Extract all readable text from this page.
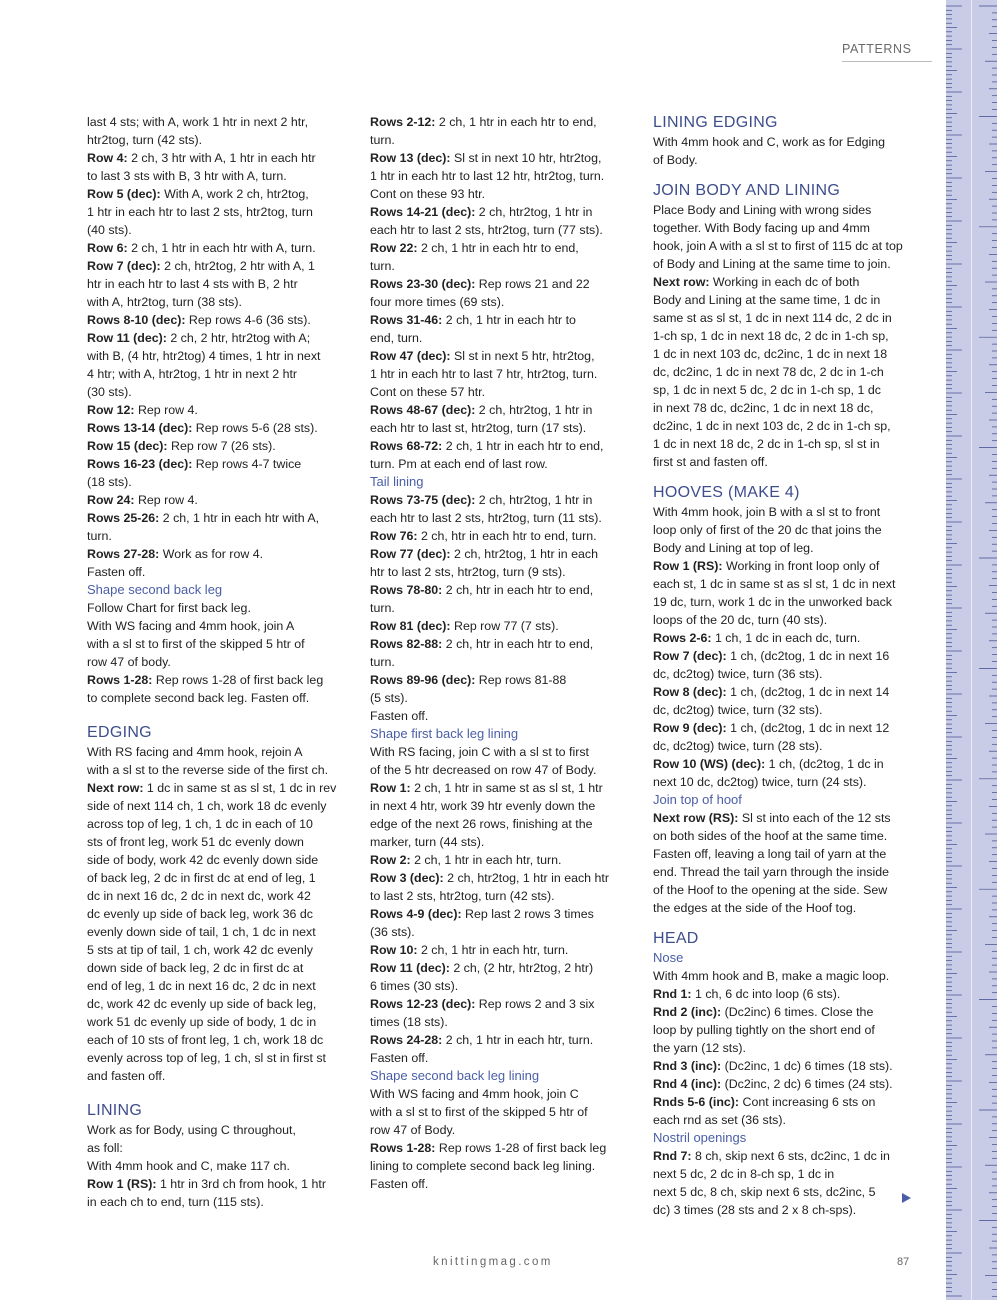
PATTERNS

last 4 sts; with A, work 1 htr in next 2 htr,

htr2tog, turn (42 sts).

Row 4: 2 ch, 3 htr with A, 1 htr in each htr

to last 3 sts with B, 3 htr with A, turn.

Row 5 (dec): With A, work 2 ch, htr2tog,

1 htr in each htr to last 2 sts, htr2tog, turn

(40 sts).

Row 6: 2 ch, 1 htr in each htr with A, turn.

Row 7 (dec): 2 ch, htr2tog, 2 htr with A, 1

htr in each htr to last 4 sts with B, 2 htr

with A, htr2tog, turn (38 sts).

Rows 8-10 (dec): Rep rows 4-6 (36 sts).

Row 11 (dec): 2 ch, 2 htr, htr2tog with A;

with B, (4 htr, htr2tog) 4 times, 1 htr in next

4 htr; with A, htr2tog, 1 htr in next 2 htr

(30 sts).

Row 12: Rep row 4.

Rows 13-14 (dec): Rep rows 5-6 (28 sts).

Row 15 (dec): Rep row 7 (26 sts).

Rows 16-23 (dec): Rep rows 4-7 twice

(18 sts).

Row 24: Rep row 4.

Rows 25-26: 2 ch, 1 htr in each htr with A,

turn.

Rows 27-28: Work as for row 4.

Fasten off.

Shape second back leg

Follow Chart for first back leg.

With WS facing and 4mm hook, join A

with a sl st to first of the skipped 5 htr of

row 47 of body.

Rows 1-28: Rep rows 1-28 of first back leg

to complete second back leg. Fasten off.

EDGING

With RS facing and 4mm hook, rejoin A

with a sl st to the reverse side of the first ch.

Next row: 1 dc in same st as sl st, 1 dc in rev

side of next 114 ch, 1 ch, work 18 dc evenly

across top of leg, 1 ch, 1 dc in each of 10

sts of front leg, work 51 dc evenly down

side of body, work 42 dc evenly down side

of back leg, 2 dc in first dc at end of leg, 1

dc in next 16 dc, 2 dc in next dc, work 42

dc evenly up side of back leg, work 36 dc

evenly down side of tail, 1 ch, 1 dc in next

5 sts at tip of tail, 1 ch, work 42 dc evenly

down side of back leg, 2 dc in first dc at

end of leg, 1 dc in next 16 dc, 2 dc in next

dc, work 42 dc evenly up side of back leg,

work 51 dc evenly up side of body, 1 dc in

each of 10 sts of front leg, 1 ch, work 18 dc

evenly across top of leg, 1 ch, sl st in first st

and fasten off.

LINING

Work as for Body, using C throughout,

as foll:

With 4mm hook and C, make 117 ch.

Row 1 (RS): 1 htr in 3rd ch from hook, 1 htr

in each ch to end, turn (115 sts).

Rows 2-12: 2 ch, 1 htr in each htr to end,

turn.

Row 13 (dec): Sl st in next 10 htr, htr2tog,

1 htr in each htr to last 12 htr, htr2tog, turn.

Cont on these 93 htr.

Rows 14-21 (dec): 2 ch, htr2tog, 1 htr in

each htr to last 2 sts, htr2tog, turn (77 sts).

Row 22: 2 ch, 1 htr in each htr to end,

turn.

Rows 23-30 (dec): Rep rows 21 and 22

four more times (69 sts).

Rows 31-46: 2 ch, 1 htr in each htr to

end, turn.

Row 47 (dec): Sl st in next 5 htr, htr2tog,

1 htr in each htr to last 7 htr, htr2tog, turn.

Cont on these 57 htr.

Rows 48-67 (dec): 2 ch, htr2tog, 1 htr in

each htr to last st, htr2tog, turn (17 sts).

Rows 68-72: 2 ch, 1 htr in each htr to end,

turn. Pm at each end of last row.

Tail lining

Rows 73-75 (dec): 2 ch, htr2tog, 1 htr in

each htr to last 2 sts, htr2tog, turn (11 sts).

Row 76: 2 ch, htr in each htr to end, turn.

Row 77 (dec): 2 ch, htr2tog, 1 htr in each

htr to last 2 sts, htr2tog, turn (9 sts).

Rows 78-80: 2 ch, htr in each htr to end,

turn.

Row 81 (dec): Rep row 77 (7 sts).

Rows 82-88: 2 ch, htr in each htr to end,

turn.

Rows 89-96 (dec): Rep rows 81-88

(5 sts).

Fasten off.

Shape first back leg lining

With RS facing, join C with a sl st to first

of the 5 htr decreased on row 47 of Body.

Row 1: 2 ch, 1 htr in same st as sl st, 1 htr

in next 4 htr, work 39 htr evenly down the

edge of the next 26 rows, finishing at the

marker, turn (44 sts).

Row 2: 2 ch, 1 htr in each htr, turn.

Row 3 (dec): 2 ch, htr2tog, 1 htr in each htr

to last 2 sts, htr2tog, turn (42 sts).

Rows 4-9 (dec): Rep last 2 rows 3 times

(36 sts).

Row 10: 2 ch, 1 htr in each htr, turn.

Row 11 (dec): 2 ch, (2 htr, htr2tog, 2 htr)

6 times (30 sts).

Rows 12-23 (dec): Rep rows 2 and 3 six

times (18 sts).

Rows 24-28: 2 ch, 1 htr in each htr, turn.

Fasten off.

Shape second back leg lining

With WS facing and 4mm hook, join C

with a sl st to first of the skipped 5 htr of

row 47 of Body.

Rows 1-28: Rep rows 1-28 of first back leg

lining to complete second back leg lining.

Fasten off.

LINING EDGING

With 4mm hook and C, work as for Edging

of Body.

JOIN BODY AND LINING

Place Body and Lining with wrong sides

together. With Body facing up and 4mm

hook, join A with a sl st to first of 115 dc at top

of Body and Lining at the same time to join.

Next row: Working in each dc of both

Body and Lining at the same time, 1 dc in

same st as sl st, 1 dc in next 114 dc, 2 dc in

1-ch sp, 1 dc in next 18 dc, 2 dc in 1-ch sp,

1 dc in next 103 dc, dc2inc, 1 dc in next 18

dc, dc2inc, 1 dc in next 78 dc, 2 dc in 1-ch

sp, 1 dc in next 5 dc, 2 dc in 1-ch sp, 1 dc

in next 78 dc, dc2inc, 1 dc in next 18 dc,

dc2inc, 1 dc in next 103 dc, 2 dc in 1-ch sp,

1 dc in next 18 dc, 2 dc in 1-ch sp, sl st in

first st and fasten off.

HOOVES (MAKE 4)

With 4mm hook, join B with a sl st to front

loop only of first of the 20 dc that joins the

Body and Lining at top of leg.

Row 1 (RS): Working in front loop only of

each st, 1 dc in same st as sl st, 1 dc in next

19 dc, turn, work 1 dc in the unworked back

loops of the 20 dc, turn (40 sts).

Rows 2-6: 1 ch, 1 dc in each dc, turn.

Row 7 (dec): 1 ch, (dc2tog, 1 dc in next 16

dc, dc2tog) twice, turn (36 sts).

Row 8 (dec): 1 ch, (dc2tog, 1 dc in next 14

dc, dc2tog) twice, turn (32 sts).

Row 9 (dec): 1 ch, (dc2tog, 1 dc in next 12

dc, dc2tog) twice, turn (28 sts).

Row 10 (WS) (dec): 1 ch, (dc2tog, 1 dc in

next 10 dc, dc2tog) twice, turn (24 sts).

Join top of hoof

Next row (RS): Sl st into each of the 12 sts

on both sides of the hoof at the same time.

Fasten off, leaving a long tail of yarn at the

end. Thread the tail yarn through the inside

of the Hoof to the opening at the side. Sew

the edges at the side of the Hoof tog.

HEAD

Nose

With 4mm hook and B, make a magic loop.

Rnd 1: 1 ch, 6 dc into loop (6 sts).

Rnd 2 (inc): (Dc2inc) 6 times. Close the

loop by pulling tightly on the short end of

the yarn (12 sts).

Rnd 3 (inc): (Dc2inc, 1 dc) 6 times (18 sts).

Rnd 4 (inc): (Dc2inc, 2 dc) 6 times (24 sts).

Rnds 5-6 (inc): Cont increasing 6 sts on

each rnd as set (36 sts).

Nostril openings

Rnd 7: 8 ch, skip next 6 sts, dc2inc, 1 dc in

next 5 dc, 2 dc in 8-ch sp, 1 dc in

next 5 dc, 8 ch, skip next 6 sts, dc2inc, 5

dc) 3 times (28 sts and 2 x 8 ch-sps).

knittingmag.com	87
